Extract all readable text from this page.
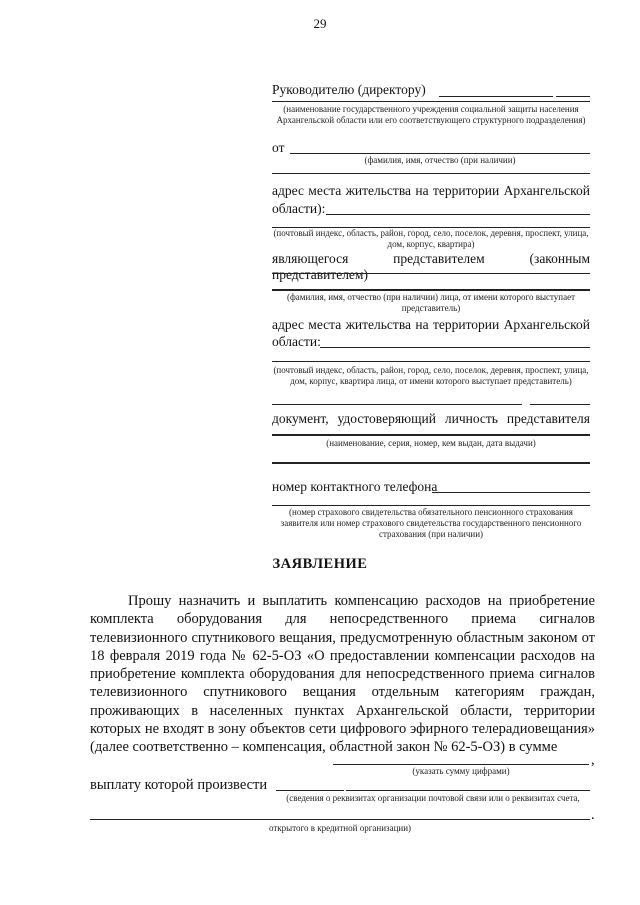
29
Руководителю (директору)
(наименование государственного учреждения социальной защиты населения Архангельской области или его соответствующего структурного подразделения)
от
(фамилия, имя, отчество (при наличии)
адрес места жительства на территории Архангельской
области):
(почтовый индекс, область, район, город, село, поселок, деревня, проспект, улица, дом, корпус, квартира)
являющегося представителем (законным представителем)
(фамилия, имя, отчество (при наличии) лица, от имени которого выступает представитель)
адрес места жительства на территории Архангельской
области:
(почтовый индекс, область, район, город, село, поселок, деревня, проспект, улица, дом, корпус, квартира лица, от имени которого выступает представитель)
документ, удостоверяющий личность представителя
(наименование, серия, номер, кем выдан, дата выдачи)
номер контактного телефона
(номер страхового свидетельства обязательного пенсионного страхования заявителя или номер страхового свидетельства государственного пенсионного страхования (при наличии)
ЗАЯВЛЕНИЕ

Прошу назначить и выплатить компенсацию расходов на приобретение комплекта оборудования для непосредственного приема сигналов телевизионного спутникового вещания, предусмотренную областным законом от 18 февраля 2019 года № 62-5-ОЗ «О предоставлении компенсации расходов на приобретение комплекта оборудования для непосредственного приема сигналов телевизионного спутникового вещания отдельным категориям граждан, проживающих в населенных пунктах Архангельской области, территории которых не входят в зону объектов сети цифрового эфирного телерадиовещания» (далее соответственно – компенсация, областной закон № 62-5-ОЗ) в сумме

,
(указать сумму цифрами)
выплату которой произвести
(сведения о реквизитах организации почтовой связи или о реквизитах счета,
.
открытого в кредитной организации)
